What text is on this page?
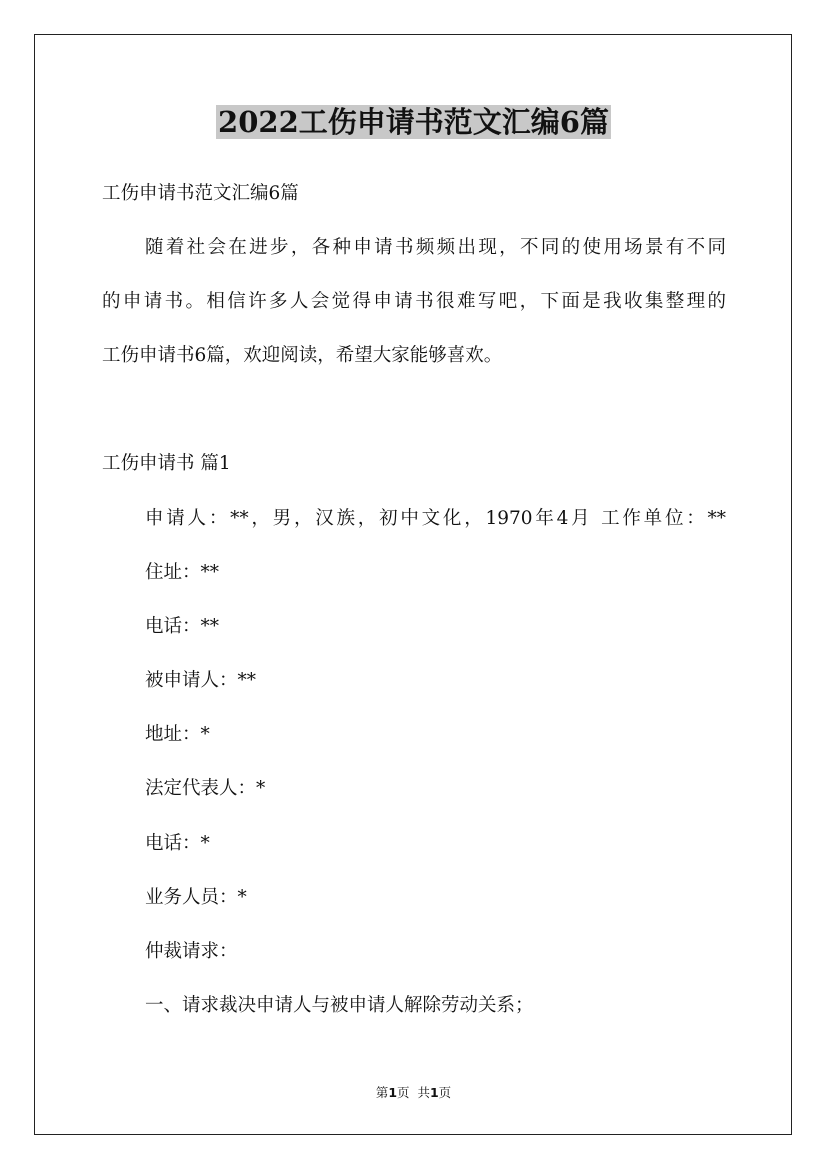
2022工伤申请书范文汇编6篇

工伤申请书范文汇编6篇

随着社会在进步，各种申请书频频出现，不同的使用场景有不同

的申请书。相信许多人会觉得申请书很难写吧，下面是我收集整理的

工伤申请书6篇，欢迎阅读，希望大家能够喜欢。

工伤申请书 篇1

申请人：**，男，汉族，初中文化，1970年4月 工作单位：**

住址：**

电话：**

被申请人：**

地址：*

法定代表人：*

电话：*

业务人员：*

仲裁请求：

一、请求裁决申请人与被申请人解除劳动关系；

第1页  共1页
